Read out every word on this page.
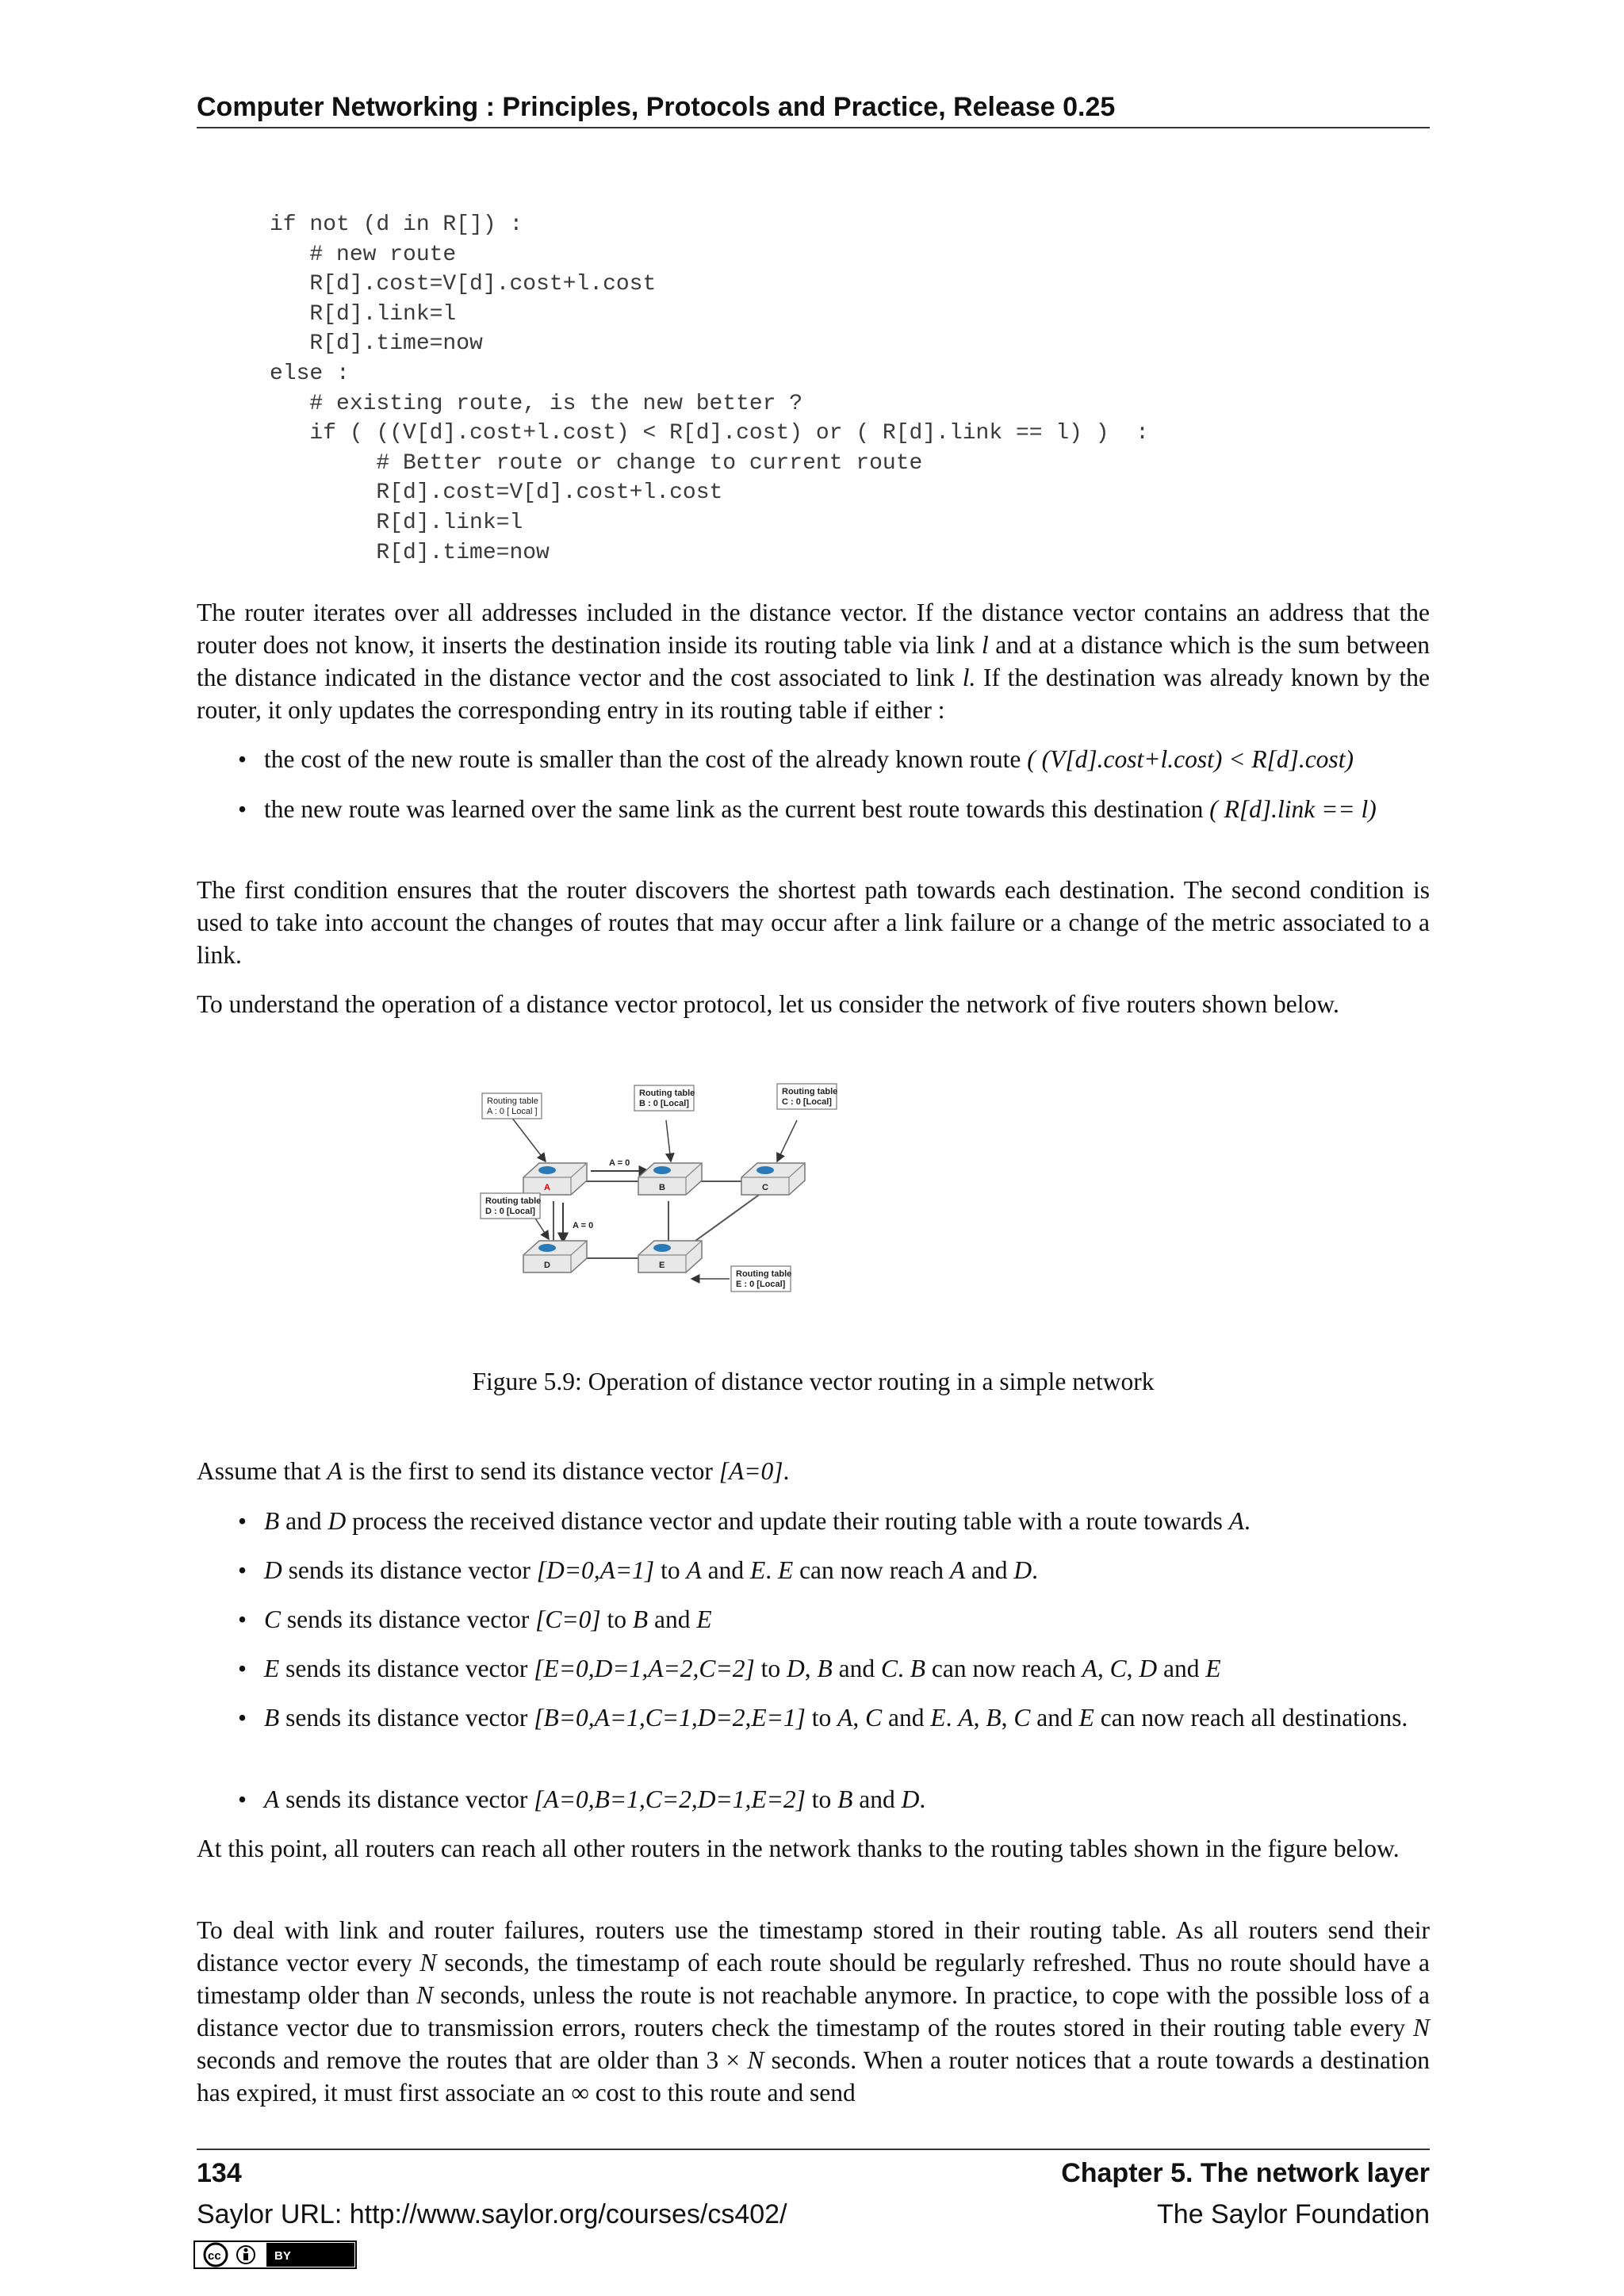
Computer Networking : Principles, Protocols and Practice, Release 0.25
if not (d in R[]) :
# new route
R[d].cost=V[d].cost+l.cost
R[d].link=l
R[d].time=now
else :
# existing route, is the new better ?
if ( ((V[d].cost+l.cost) < R[d].cost) or ( R[d].link == l) )  :
# Better route or change to current route
R[d].cost=V[d].cost+l.cost
R[d].link=l
R[d].time=now

The router iterates over all addresses included in the distance vector. If the distance vector contains an address that the router does not know, it inserts the destination inside its routing table via link l and at a distance which is the sum between the distance indicated in the distance vector and the cost associated to link l. If the destination was already known by the router, it only updates the corresponding entry in its routing table if either :

• the cost of the new route is smaller than the cost of the already known route ( (V[d].cost+l.cost) < R[d].cost)

• the new route was learned over the same link as the current best route towards this destination ( R[d].link == l)

The first condition ensures that the router discovers the shortest path towards each destination. The second condition is used to take into account the changes of routes that may occur after a link failure or a change of the metric associated to a link.

To understand the operation of a distance vector protocol, let us consider the network of five routers shown below.

A = 0
A = 0
A	B	C
D	E
Routing table
A : 0 [ Local ]
Routing table
B : 0 [Local]
Routing table
C : 0 [Local]
Routing table
D : 0 [Local]
Routing table
E : 0 [Local]
Figure 5.9: Operation of distance vector routing in a simple network

Assume that A is the first to send its distance vector [A=0].

• B and D process the received distance vector and update their routing table with a route towards A.

• D sends its distance vector [D=0,A=1] to A and E. E can now reach A and D.

• C sends its distance vector [C=0] to B and E

• E sends its distance vector [E=0,D=1,A=2,C=2] to D, B and C. B can now reach A, C, D and E

• B sends its distance vector [B=0,A=1,C=1,D=2,E=1] to A, C and E. A, B, C and E can now reach all destinations.

• A sends its distance vector [A=0,B=1,C=2,D=1,E=2] to B and D.

At this point, all routers can reach all other routers in the network thanks to the routing tables shown in the figure below.

To deal with link and router failures, routers use the timestamp stored in their routing table. As all routers send their distance vector every N seconds, the timestamp of each route should be regularly refreshed. Thus no route should have a timestamp older than N seconds, unless the route is not reachable anymore. In practice, to cope with the possible loss of a distance vector due to transmission errors, routers check the timestamp of the routes stored in their routing table every N seconds and remove the routes that are older than 3 × N seconds. When a router notices that a route towards a destination has expired, it must first associate an ∞ cost to this route and send

134	Chapter 5. The network layer
Saylor URL: http://www.saylor.org/courses/cs402/	The Saylor Foundation
cc	BY
